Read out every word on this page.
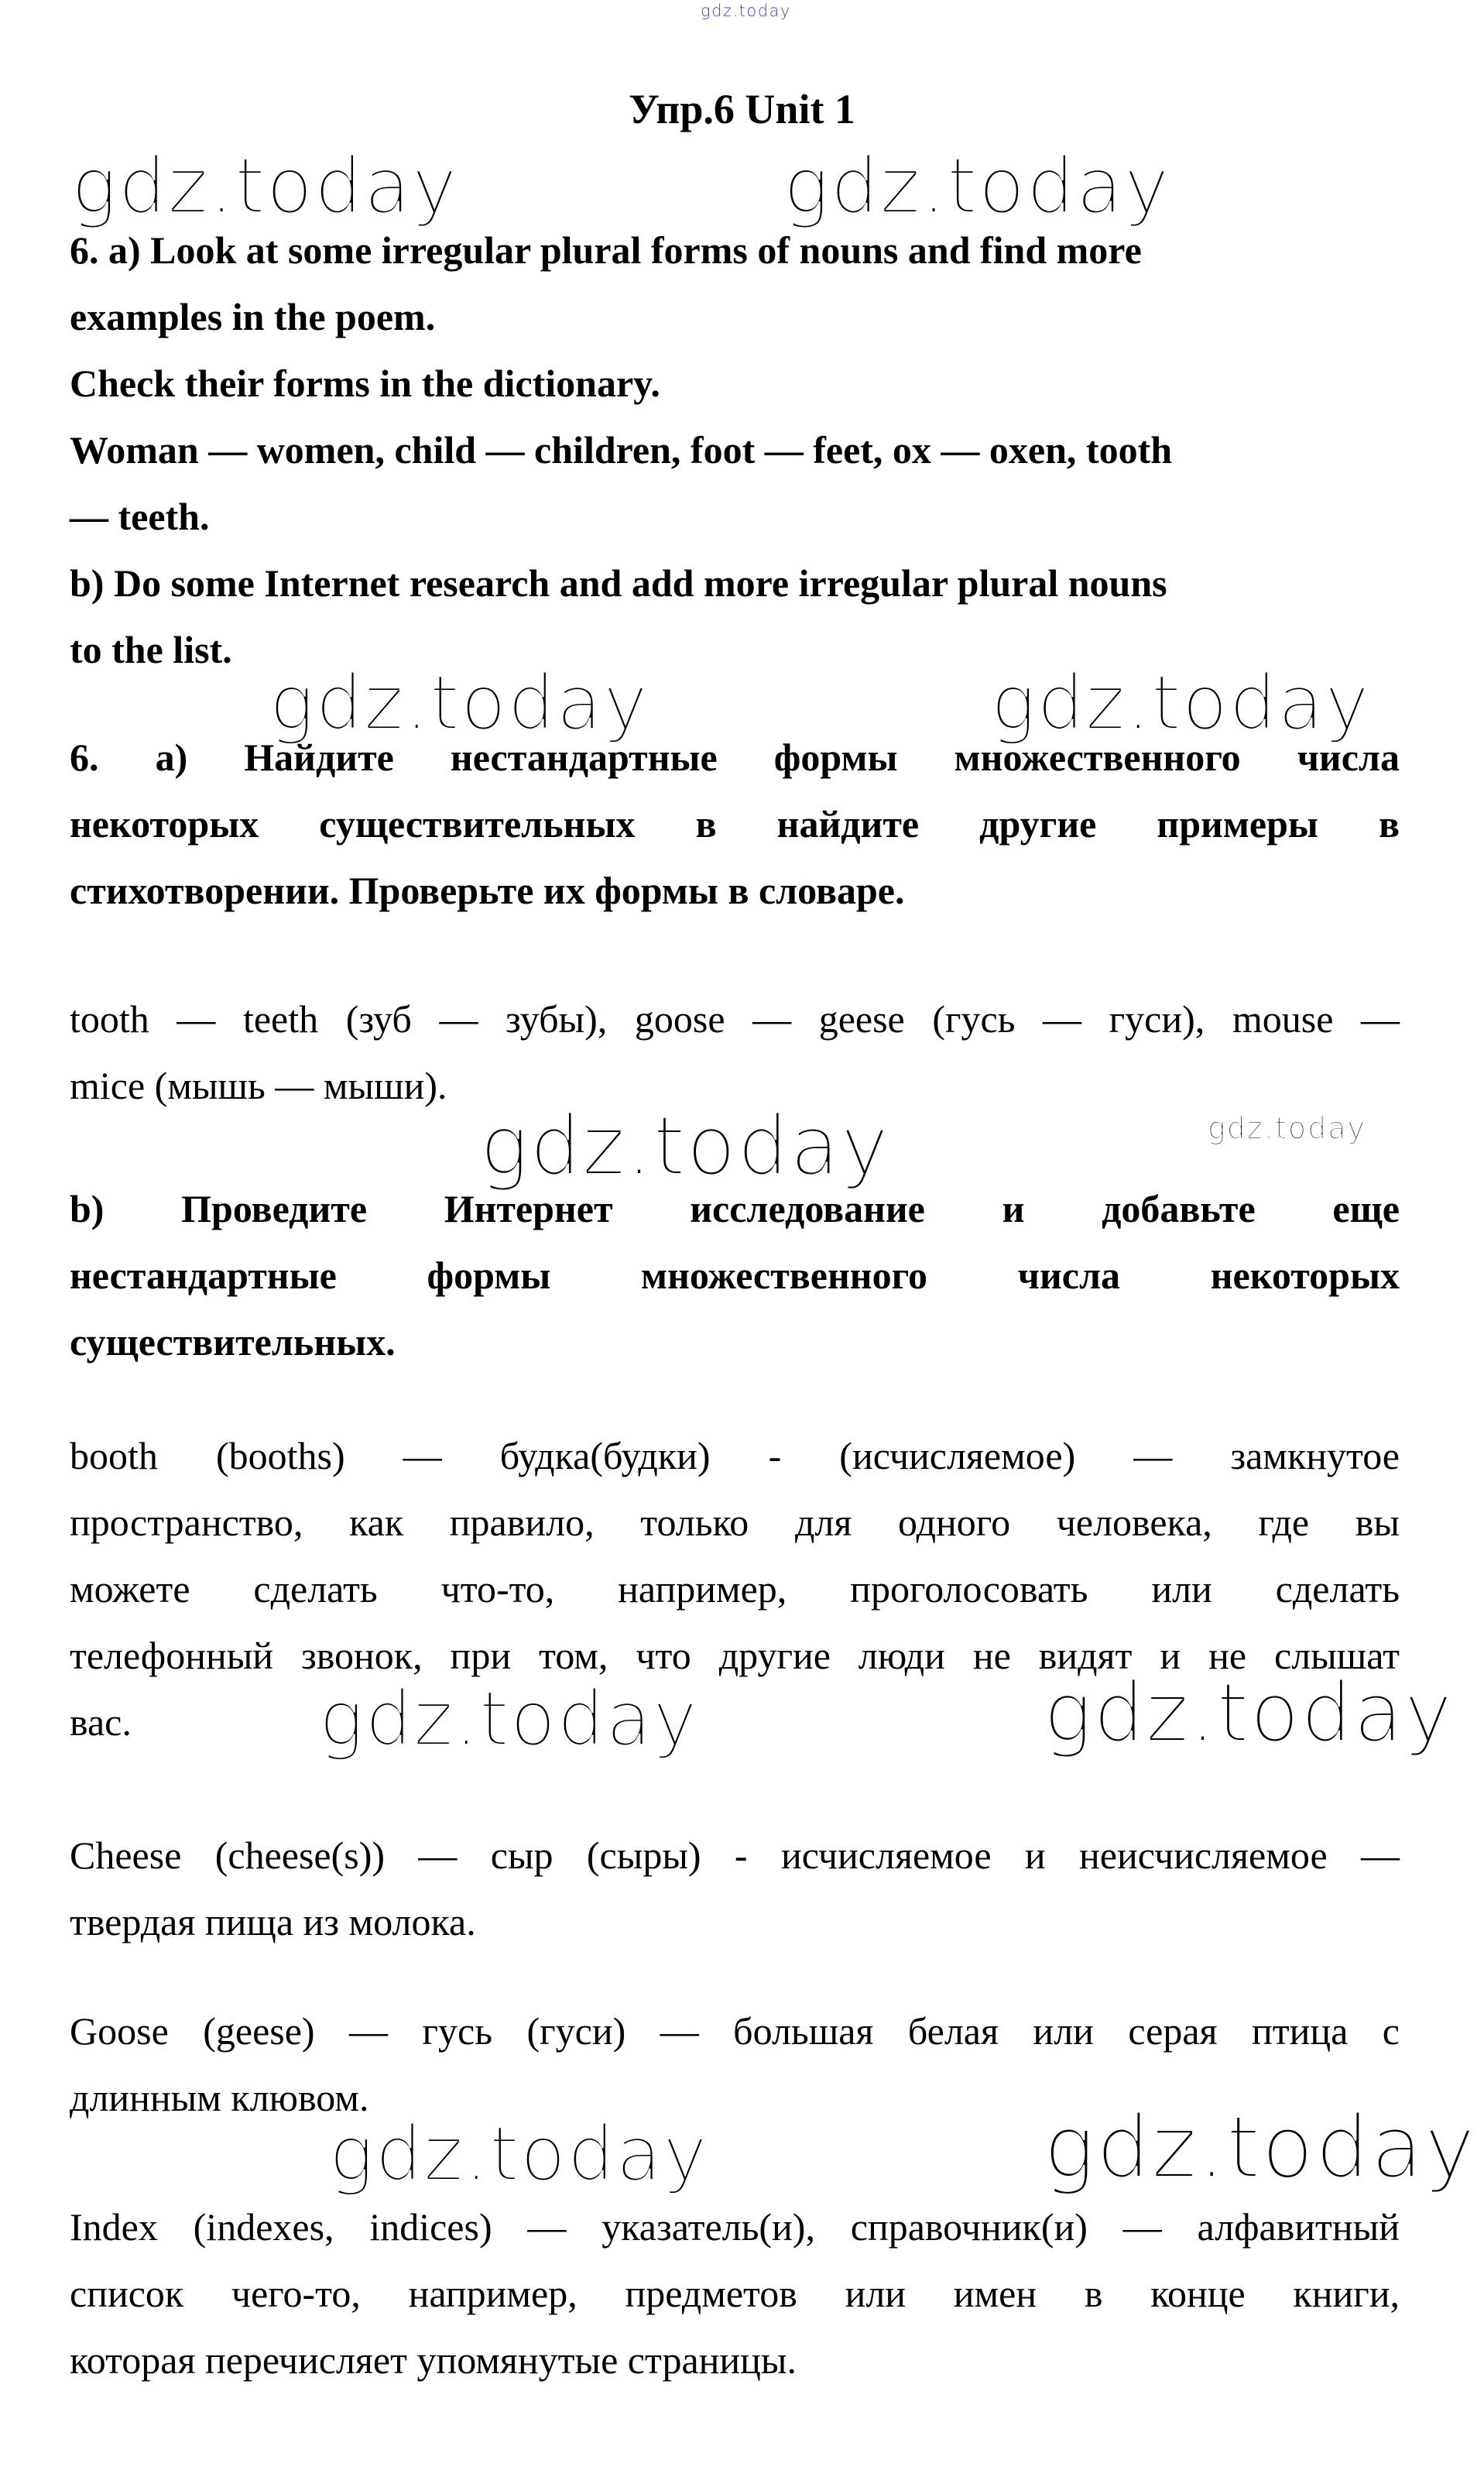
gdz.today
gdz.today	gdz.today
gdz.today	gdz.today
gdz.today	gdz.today
gdz.today	gdz.today
gdz.today	gdz.today
Упр.6 Unit 1
6. a) Look at some irregular plural forms of nouns and find more
examples in the poem.
Check their forms in the dictionary.
Woman — women, child — children, foot — feet, ox — oxen, tooth
— teeth.
b) Do some Internet research and add more irregular plural nouns
to the list.
6. а) Найдите нестандартные формы множественного числа
некоторых существительных в найдите другие примеры в
стихотворении. Проверьте их формы в словаре.
tooth — teeth (зуб — зубы), goose — geese (гусь — гуси), mouse —
mice (мышь — мыши).
b) Проведите Интернет исследование и добавьте еще
нестандартные формы множественного числа некоторых
существительных.
booth (booths) — будка(будки) - (исчисляемое) — замкнутое
пространство, как правило, только для одного человека, где вы
можете сделать что-то, например, проголосовать или сделать
телефонный звонок, при том, что другие люди не видят и не слышат
вас.
Cheese (cheese(s)) — сыр (сыры) - исчисляемое и неисчисляемое —
твердая пища из молока.
Goose (geese) — гусь (гуси) — большая белая или серая птица с
длинным клювом.
Index (indexes, indices) — указатель(и), справочник(и) — алфавитный
список чего-то, например, предметов или имен в конце книги,
которая перечисляет упомянутые страницы.
